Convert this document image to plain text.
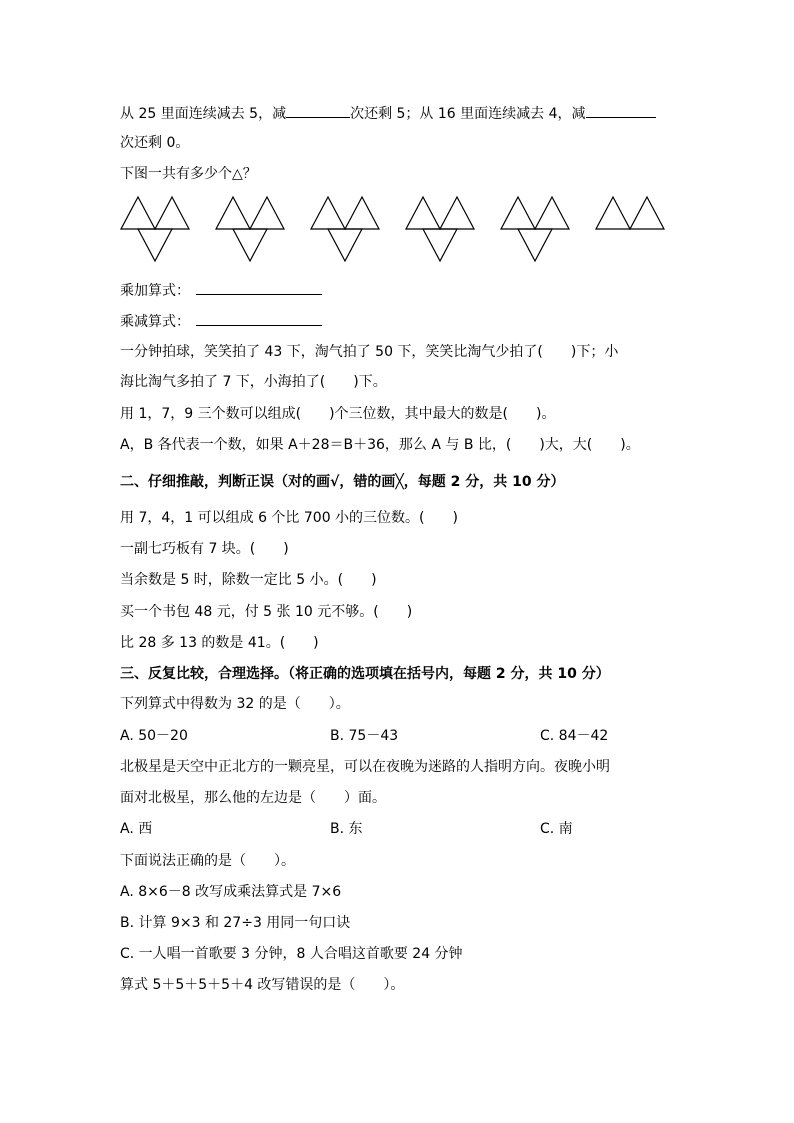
从 25 里面连续减去 5，减	次还剩 5；从 16 里面连续减去 4，减
次还剩 0。
下图一共有多少个△？
乘加算式：
乘减算式：
一分钟拍球，笑笑拍了 43 下，淘气拍了 50 下，笑笑比淘气少拍了(　　)下；小
海比淘气多拍了 7 下，小海拍了(　　)下。
用 1，7，9 三个数可以组成(　　)个三位数，其中最大的数是(　　)。
A，B 各代表一个数，如果 A＋28＝B＋36，那么 A 与 B 比，(　　)大，大(　　)。
二、仔细推敲，判断正误（对的画√，错的画╳，每题 2 分，共 10 分）
用 7，4，1 可以组成 6 个比 700 小的三位数。(　　)
一副七巧板有 7 块。(　　)
当余数是 5 时，除数一定比 5 小。(　　)
买一个书包 48 元，付 5 张 10 元不够。(　　)
比 28 多 13 的数是 41。(　　)
三、反复比较，合理选择。（将正确的选项填在括号内，每题 2 分，共 10 分）
下列算式中得数为 32 的是（　　）。
A. 50－20	B. 75－43	C. 84－42
北极星是天空中正北方的一颗亮星，可以在夜晚为迷路的人指明方向。夜晚小明
面对北极星，那么他的左边是（　　）面。
A. 西	B. 东	C. 南
下面说法正确的是（　　）。
A. 8×6－8 改写成乘法算式是 7×6
B. 计算 9×3 和 27÷3 用同一句口诀
C. 一人唱一首歌要 3 分钟，8 人合唱这首歌要 24 分钟
算式 5＋5＋5＋5＋4 改写错误的是（　　）。
